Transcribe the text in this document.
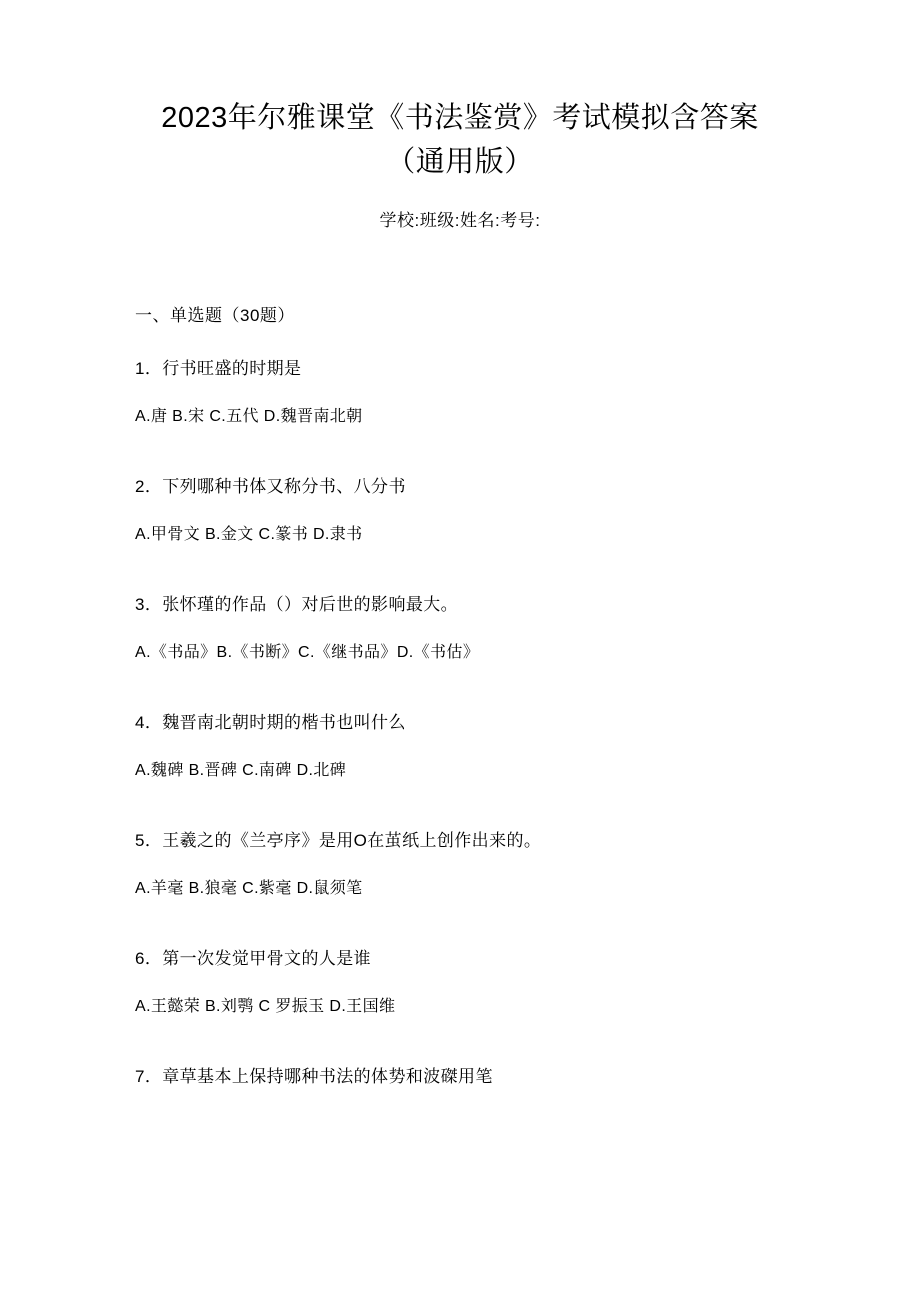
2023年尔雅课堂《书法鉴赏》考试模拟含答案（通用版）
学校:班级:姓名:考号:
一、单选题（30题）

1．行书旺盛的时期是

A.唐 B.宋 C.五代 D.魏晋南北朝

2．下列哪种书体又称分书、八分书

A.甲骨文 B.金文 C.篆书 D.隶书

3．张怀瑾的作品（）对后世的影响最大。

A.《书品》B.《书断》C.《继书品》D.《书估》

4．魏晋南北朝时期的楷书也叫什么

A.魏碑 B.晋碑 C.南碑 D.北碑

5．王羲之的《兰亭序》是用O在茧纸上创作出来的。

A.羊毫 B.狼毫 C.紫毫 D.鼠须笔

6．第一次发觉甲骨文的人是谁

A.王懿荣 B.刘鹗 C 罗振玉 D.王国维

7．章草基本上保持哪种书法的体势和波磔用笔
